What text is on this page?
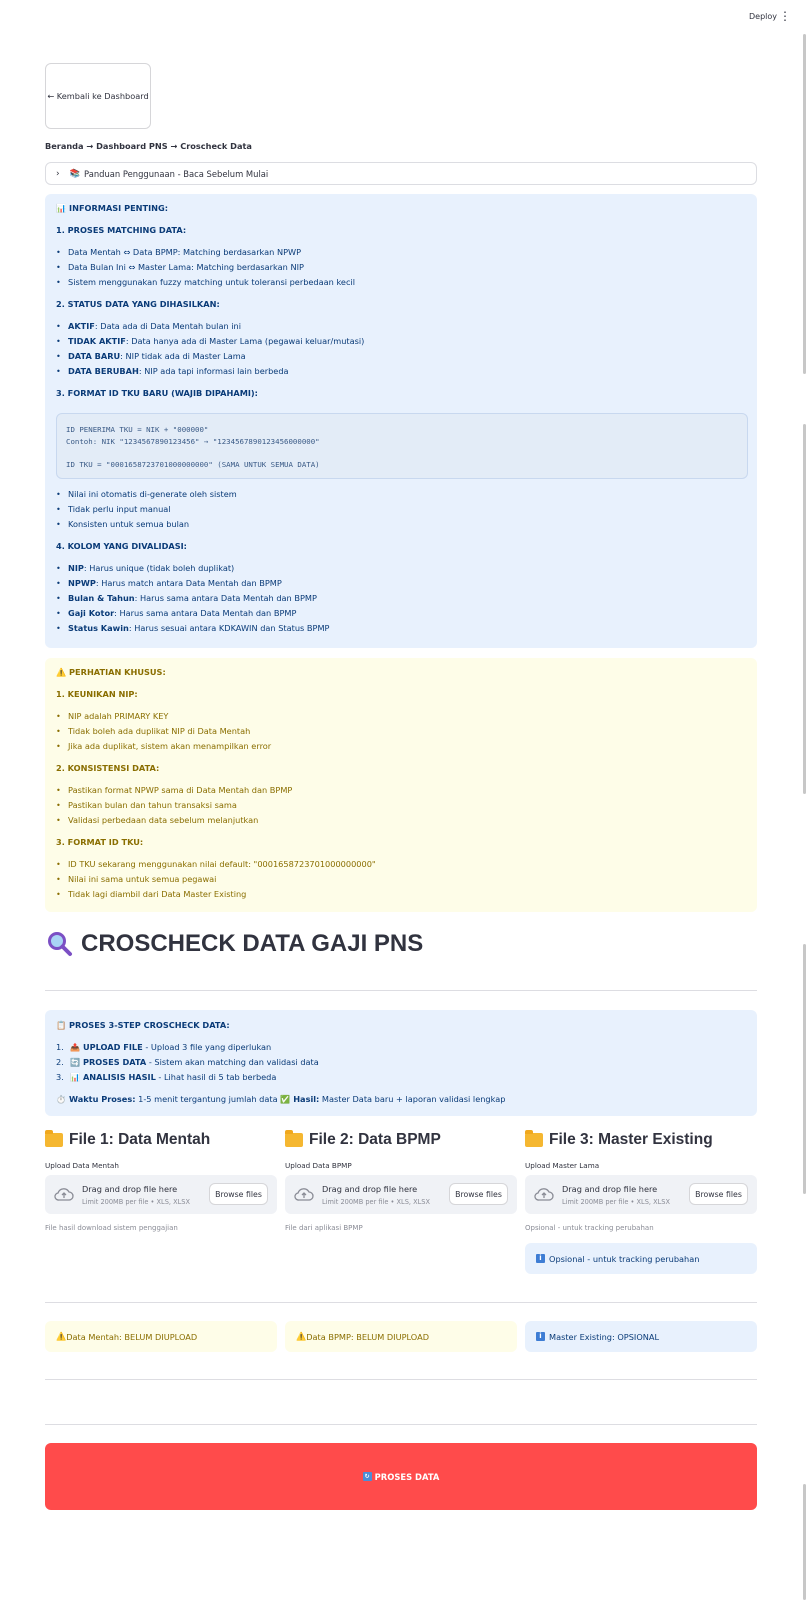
Deploy ⋮
← Kembali ke Dashboard
Beranda → Dashboard PNS → Croscheck Data
› 📚 Panduan Penggunaan - Baca Sebelum Mulai
📊 INFORMASI PENTING:
1. PROSES MATCHING DATA:
• Data Mentah ⇔ Data BPMP: Matching berdasarkan NPWP
• Data Bulan Ini ⇔ Master Lama: Matching berdasarkan NIP
• Sistem menggunakan fuzzy matching untuk toleransi perbedaan kecil
2. STATUS DATA YANG DIHASILKAN:
• AKTIF: Data ada di Data Mentah bulan ini
• TIDAK AKTIF: Data hanya ada di Master Lama (pegawai keluar/mutasi)
• DATA BARU: NIP tidak ada di Master Lama
• DATA BERUBAH: NIP ada tapi informasi lain berbeda
3. FORMAT ID TKU BARU (WAJIB DIPAHAMI):
ID PENERIMA TKU = NIK + "000000"
Contoh: NIK "1234567890123456" → "1234567890123456000000"

ID TKU = "0001658723701000000000" (SAMA UNTUK SEMUA DATA)
• Nilai ini otomatis di-generate oleh sistem
• Tidak perlu input manual
• Konsisten untuk semua bulan
4. KOLOM YANG DIVALIDASI:
• NIP: Harus unique (tidak boleh duplikat)
• NPWP: Harus match antara Data Mentah dan BPMP
• Bulan & Tahun: Harus sama antara Data Mentah dan BPMP
• Gaji Kotor: Harus sama antara Data Mentah dan BPMP
• Status Kawin: Harus sesuai antara KDKAWIN dan Status BPMP
⚠️ PERHATIAN KHUSUS:
1. KEUNIKAN NIP:
• NIP adalah PRIMARY KEY
• Tidak boleh ada duplikat NIP di Data Mentah
• Jika ada duplikat, sistem akan menampilkan error
2. KONSISTENSI DATA:
• Pastikan format NPWP sama di Data Mentah dan BPMP
• Pastikan bulan dan tahun transaksi sama
• Validasi perbedaan data sebelum melanjutkan
3. FORMAT ID TKU:
• ID TKU sekarang menggunakan nilai default: "0001658723701000000000"
• Nilai ini sama untuk semua pegawai
• Tidak lagi diambil dari Data Master Existing
CROSCHECK DATA GAJI PNS
📋 PROSES 3-STEP CROSCHECK DATA:
1. 📤 UPLOAD FILE - Upload 3 file yang diperlukan
2. 🔄 PROSES DATA - Sistem akan matching dan validasi data
3. 📊 ANALISIS HASIL - Lihat hasil di 5 tab berbeda
⏱️ Waktu Proses: 1-5 menit tergantung jumlah data ✅ Hasil: Master Data baru + laporan validasi lengkap
File 1: Data Mentah	File 2: Data BPMP	File 3: Master Existing
Upload Data Mentah	Upload Data BPMP	Upload Master Lama
Drag and drop file here
Limit 200MB per file • XLS, XLSX
Browse files	Drag and drop file here
Limit 200MB per file • XLS, XLSX
Browse files	Drag and drop file here
Limit 200MB per file • XLS, XLSX
Browse files
File hasil download sistem penggajian	File dari aplikasi BPMP	Opsional - untuk tracking perubahan
i Opsional - untuk tracking perubahan
⚠️ Data Mentah: BELUM DIUPLOAD	⚠️ Data BPMP: BELUM DIUPLOAD	i Master Existing: OPSIONAL
↻ PROSES DATA
